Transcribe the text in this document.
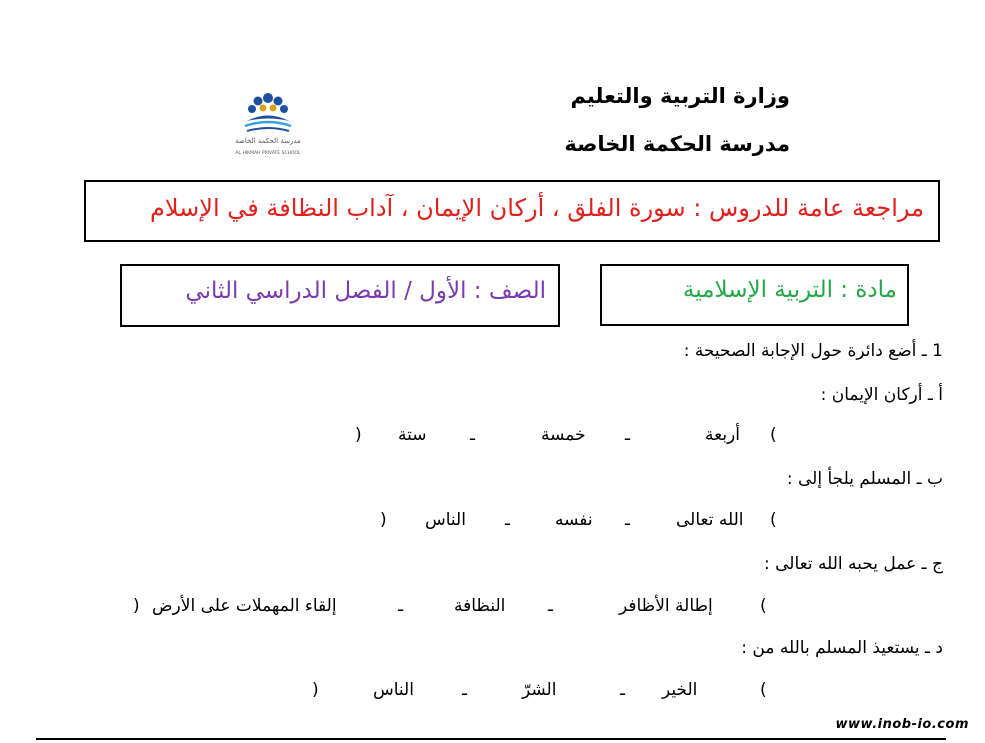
وزارة التربية والتعليم
مدرسة الحكمة الخاصة
مدرسة الحكمة الخاصة
AL HIKMAH PRIVATE SCHOOL
مراجعة عامة للدروس : سورة الفلق ، أركان الإيمان ، آداب النظافة في الإسلام
الصف : الأول / الفصل الدراسي الثاني	مادة : التربية الإسلامية
1 ـ أضع دائرة حول الإجابة الصحيحة :
أ ـ أركان الإيمان :
(
أربعة
ـ
خمسة
ـ
ستة
)
ب ـ المسلم يلجأ إلى :
(
الله تعالى
ـ
نفسه
ـ
الناس
)
ج ـ عمل يحبه الله تعالى :
(
إطالة الأظافر
ـ
النظافة
ـ
إلقاء المهملات على الأرض
)
د ـ يستعيذ المسلم بالله من :
(
الخير
ـ
الشرّ
ـ
الناس
)
www.inob-io.com
